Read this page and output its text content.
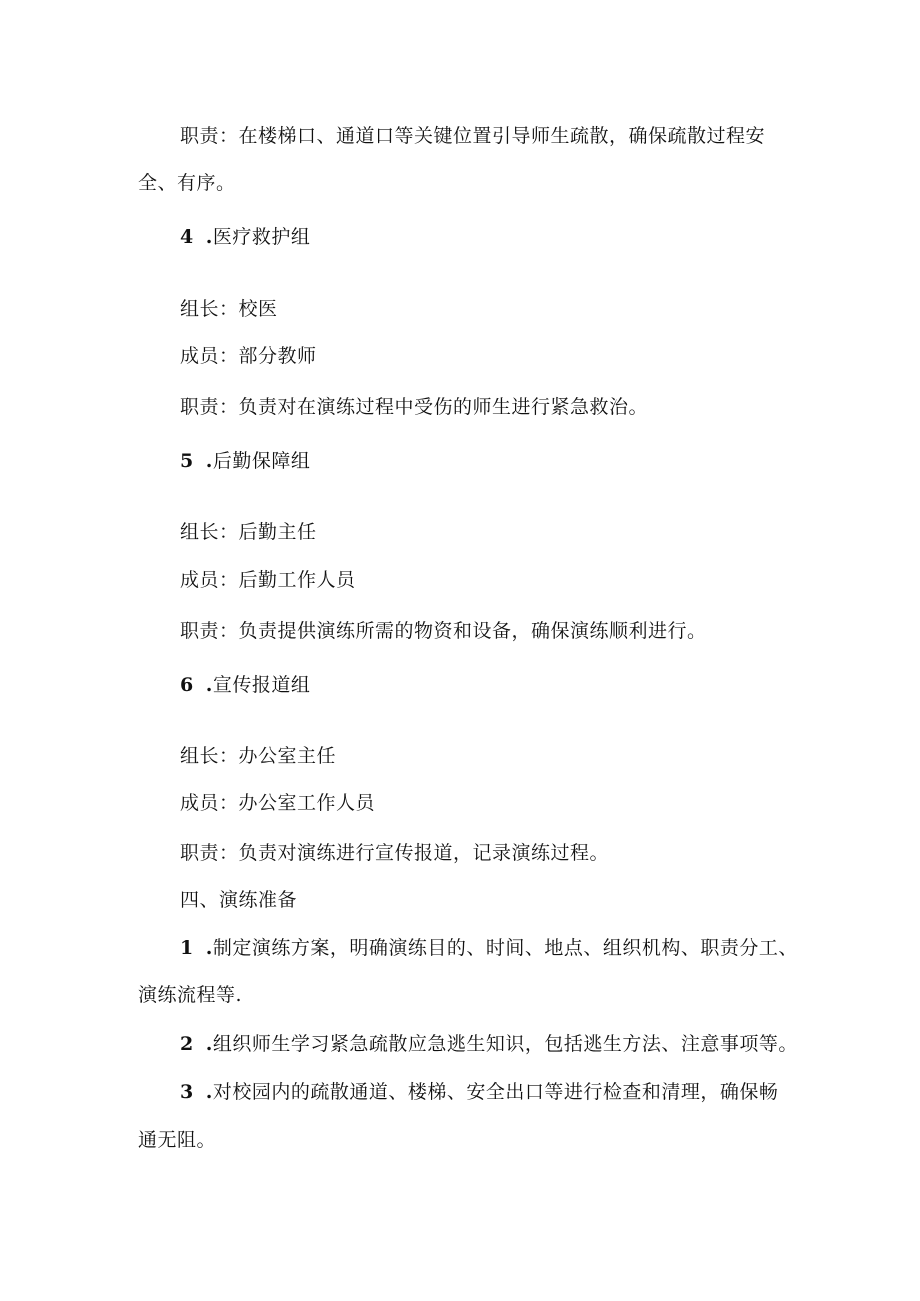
职责：在楼梯口、通道口等关键位置引导师生疏散，确保疏散过程安
全、有序。
4 .医疗救护组
组长：校医
成员：部分教师
职责：负责对在演练过程中受伤的师生进行紧急救治。
5 .后勤保障组
组长：后勤主任
成员：后勤工作人员
职责：负责提供演练所需的物资和设备，确保演练顺利进行。
6 .宣传报道组
组长：办公室主任
成员：办公室工作人员
职责：负责对演练进行宣传报道，记录演练过程。
四、演练准备
1 .制定演练方案，明确演练目的、时间、地点、组织机构、职责分工、
演练流程等.
2 .组织师生学习紧急疏散应急逃生知识，包括逃生方法、注意事项等。
3 .对校园内的疏散通道、楼梯、安全出口等进行检查和清理，确保畅
通无阻。
